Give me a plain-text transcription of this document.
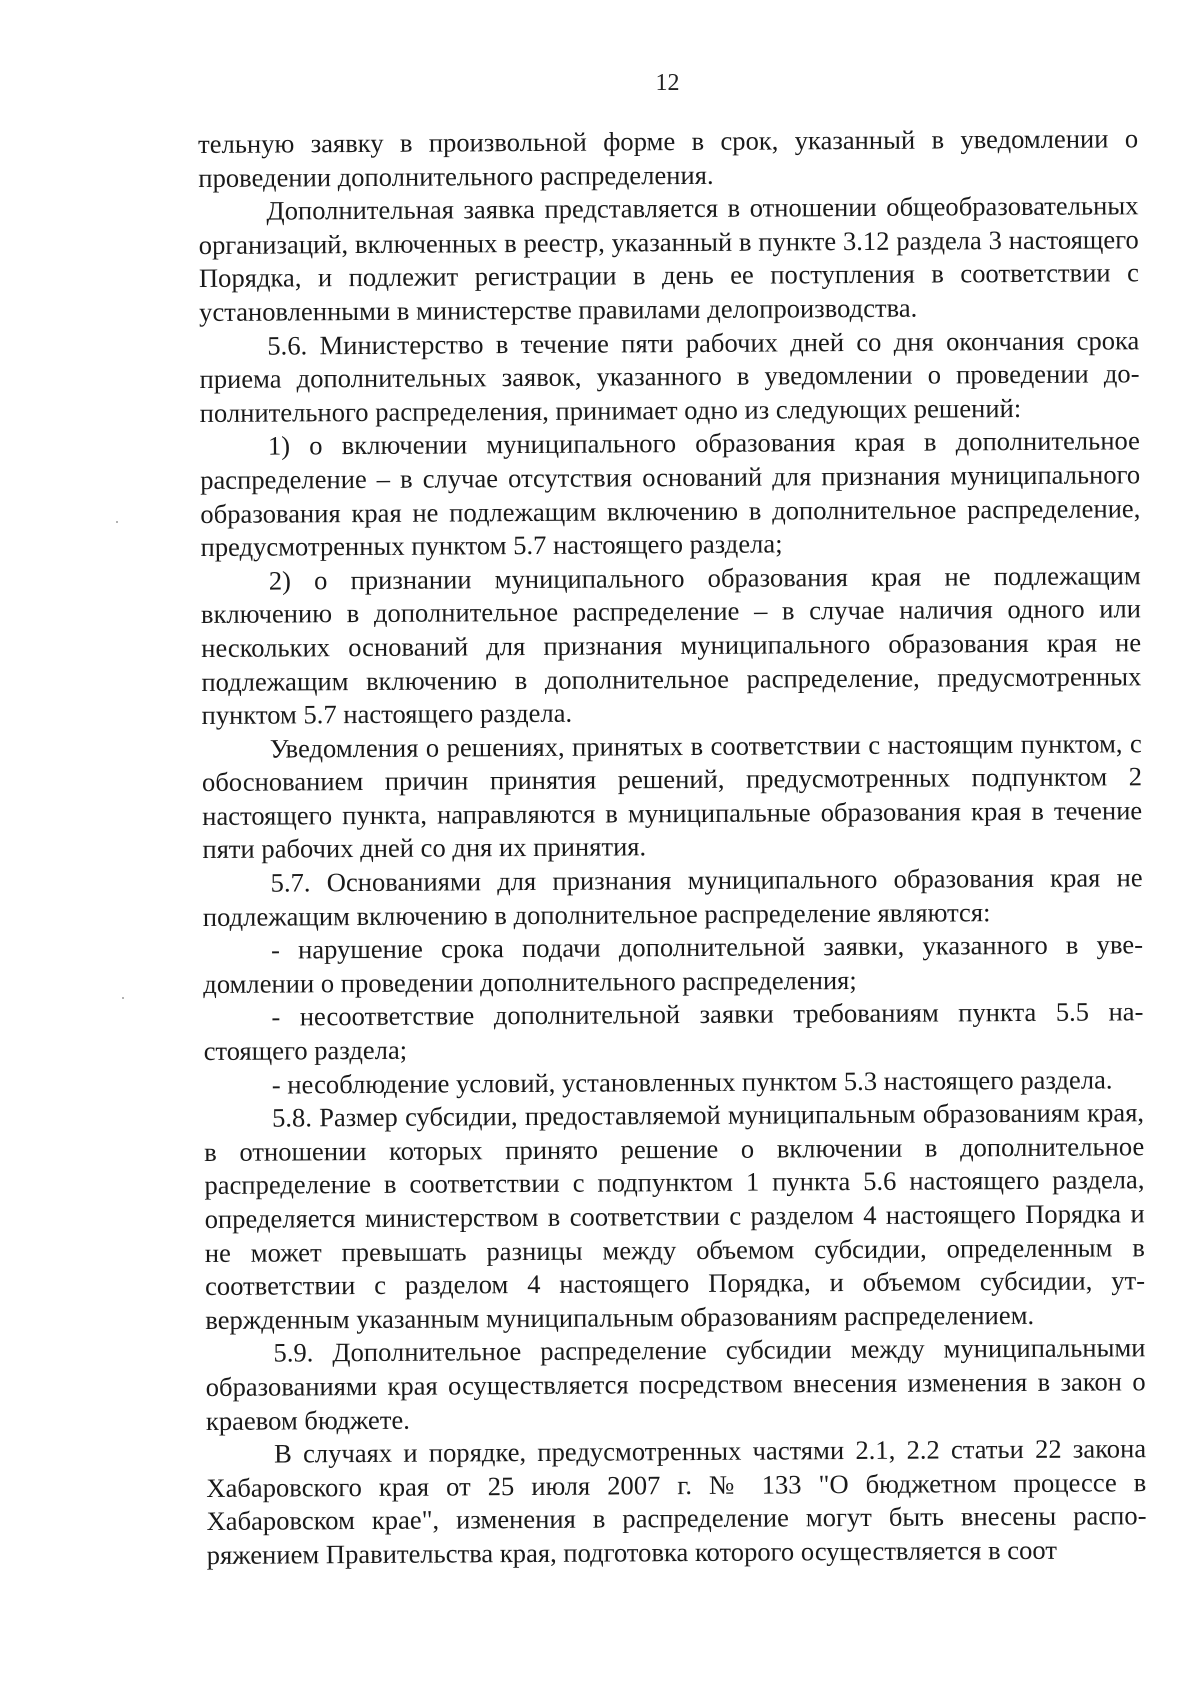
12

тельную заявку в произвольной форме в срок, указанный в уведомлении о проведении дополнительного распределения.

Дополнительная заявка представляется в отношении общеобразовательных организаций, включенных в реестр, указанный в пункте 3.12 раздела 3 настоящего Порядка, и подлежит регистрации в день ее поступления в соответствии с установленными в министерстве правилами делопроизводства.

5.6. Министерство в течение пяти рабочих дней со дня окончания срока приема дополнительных заявок, указанного в уведомлении о проведении дополнительного распределения, принимает одно из следующих решений:

1) о включении муниципального образования края в дополнительное распределение – в случае отсутствия оснований для признания муниципального образования края не подлежащим включению в дополнительное распределение, предусмотренных пунктом 5.7 настоящего раздела;

2) о признании муниципального образования края не подлежащим включению в дополнительное распределение – в случае наличия одного или нескольких оснований для признания муниципального образования края не подлежащим включению в дополнительное распределение, предусмотренных пунктом 5.7 настоящего раздела.

Уведомления о решениях, принятых в соответствии с настоящим пунктом, с обоснованием причин принятия решений, предусмотренных подпунктом 2 настоящего пункта, направляются в муниципальные образования края в течение пяти рабочих дней со дня их принятия.

5.7. Основаниями для признания муниципального образования края не подлежащим включению в дополнительное распределение являются:

- нарушение срока подачи дополнительной заявки, указанного в уведомлении о проведении дополнительного распределения;

- несоответствие дополнительной заявки требованиям пункта 5.5 настоящего раздела;

- несоблюдение условий, установленных пунктом 5.3 настоящего раздела.

5.8. Размер субсидии, предоставляемой муниципальным образованиям края, в отношении которых принято решение о включении в дополнительное распределение в соответствии с подпунктом 1 пункта 5.6 настоящего раздела, определяется министерством в соответствии с разделом 4 настоящего Порядка и не может превышать разницы между объемом субсидии, определенным в соответствии с разделом 4 настоящего Порядка, и объемом субсидии, утвержденным указанным муниципальным образованиям распределением.

5.9. Дополнительное распределение субсидии между муниципальными образованиями края осуществляется посредством внесения изменения в закон о краевом бюджете.

В случаях и порядке, предусмотренных частями 2.1, 2.2 статьи 22 закона Хабаровского края от 25 июля 2007 г. № 133 "О бюджетном процессе в Хабаровском крае", изменения в распределение могут быть внесены распоряжением Правительства края, подготовка которого осуществляется в соот
